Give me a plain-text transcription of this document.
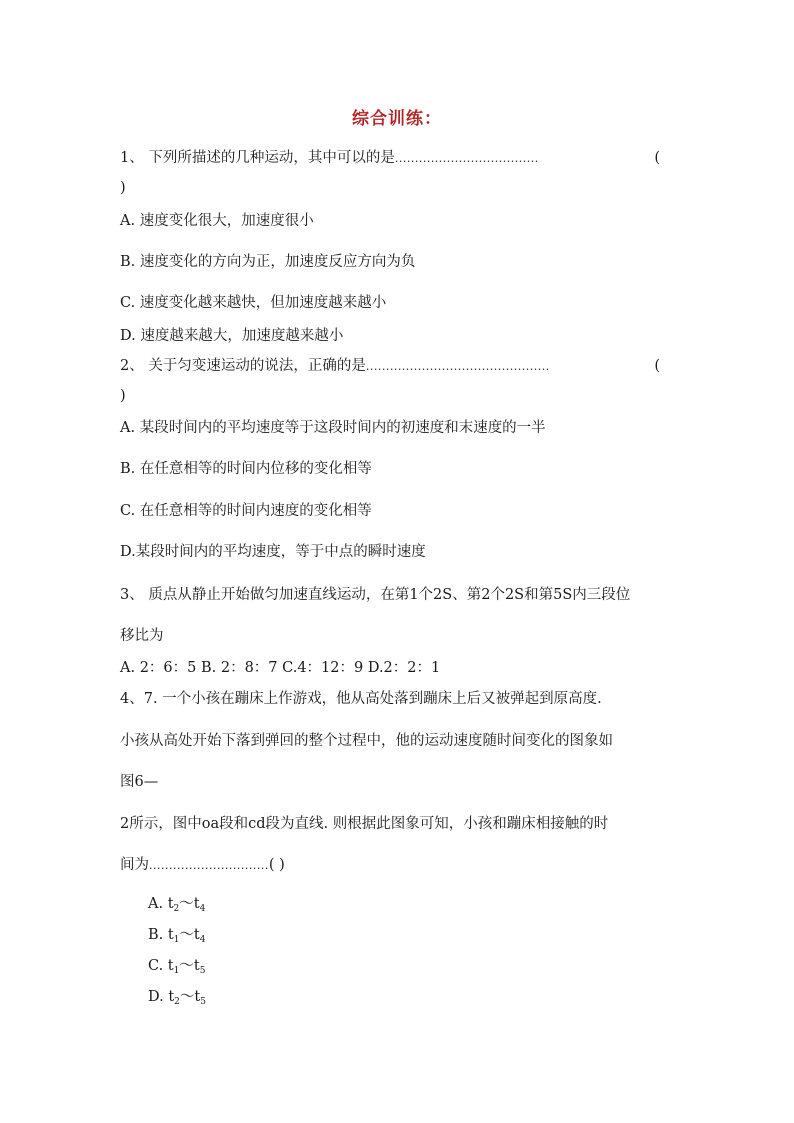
综合训练：
1、 下列所描述的几种运动，其中可以的是....................................	(
)
A. 速度变化很大，加速度很小
B. 速度变化的方向为正，加速度反应方向为负
C. 速度变化越来越快，但加速度越来越小
D. 速度越来越大，加速度越来越小
2、 关于匀变速运动的说法，正确的是..............................................	(
)
A. 某段时间内的平均速度等于这段时间内的初速度和末速度的一半
B. 在任意相等的时间内位移的变化相等
C. 在任意相等的时间内速度的变化相等
D.某段时间内的平均速度，等于中点的瞬时速度
3、 质点从静止开始做匀加速直线运动，在第1个2S、第2个2S和第5S内三段位
移比为
A. 2：6：5 B. 2：8：7 C.4：12：9 D.2：2：1
4、7. 一个小孩在蹦床上作游戏，他从高处落到蹦床上后又被弹起到原高度.
小孩从高处开始下落到弹回的整个过程中，他的运动速度随时间变化的图象如
图6—
2所示，图中oa段和cd段为直线. 则根据此图象可知，小孩和蹦床相接触的时
间为..............................( )
A. $t_2\sim t_4$
B. $t_1\sim t_4$
C. $t_1\sim t_5$
D. $t_2\sim t_5$
